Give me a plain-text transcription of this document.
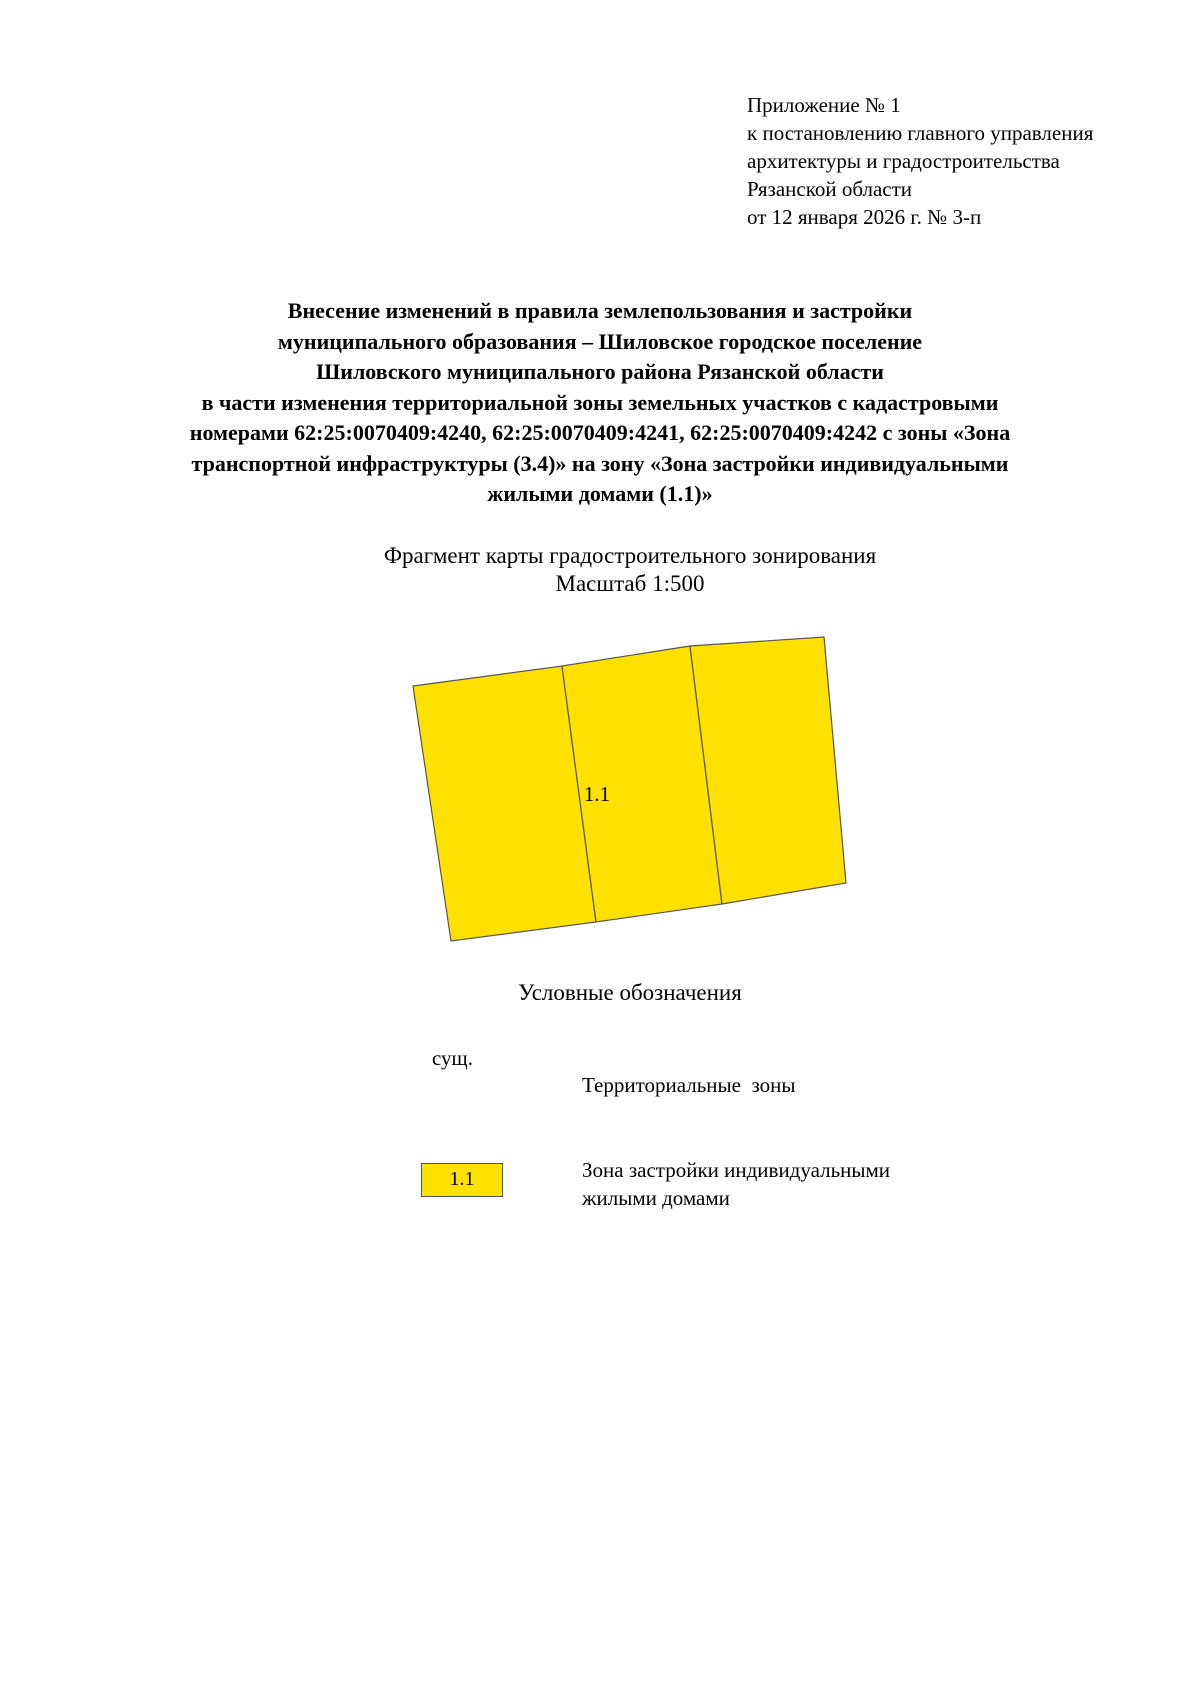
Приложение № 1
к постановлению главного управления
архитектуры и градостроительства
Рязанской области
от 12 января 2026 г. № 3-п
Внесение изменений в правила землепользования и застройки
муниципального образования – Шиловское городское поселение
Шиловского муниципального района Рязанской области
в части изменения территориальной зоны земельных участков с кадастровыми
номерами 62:25:0070409:4240, 62:25:0070409:4241, 62:25:0070409:4242 с зоны «Зона
транспортной инфраструктуры (3.4)» на зону «Зона застройки индивидуальными
жилыми домами (1.1)»
Фрагмент карты градостроительного зонирования
Масштаб 1:500
1.1
Условные обозначения
сущ.
Территориальные  зоны
1.1	Зона застройки индивидуальными
жилыми домами
